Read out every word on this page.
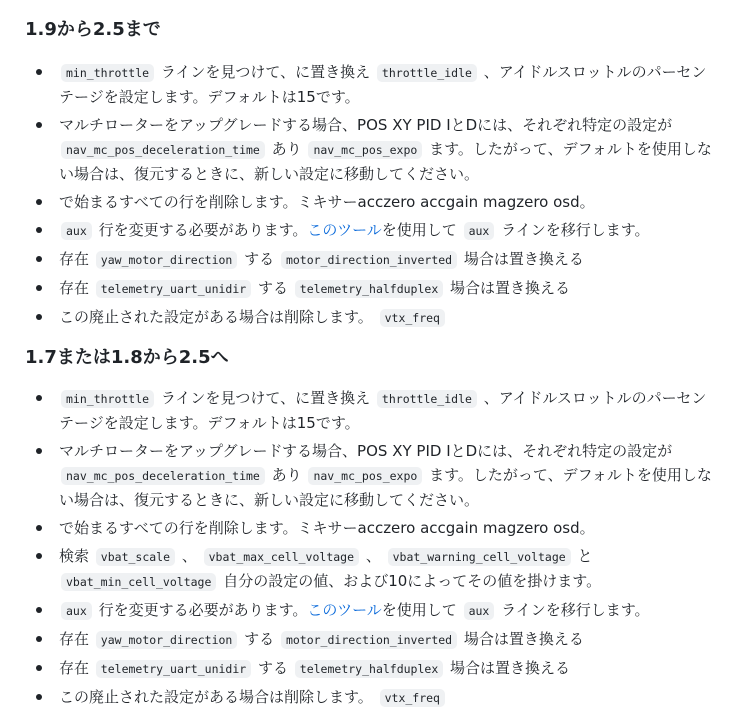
1.9から2.5まで
min_throttle ラインを見つけて、に置き換え throttle_idle 、アイドルスロットルのパーセンテージを設定します。デフォルトは15です。
マルチローターをアップグレードする場合、POS XY PID IとDには、それぞれ特定の設定が nav_mc_pos_deceleration_time あり nav_mc_pos_expo ます。したがって、デフォルトを使用しない場合は、復元するときに、新しい設定に移動してください。
で始まるすべての行を削除します。ミキサーacczero accgain magzero osd。
aux 行を変更する必要があります。このツールを使用して aux ラインを移行します。
存在 yaw_motor_direction する motor_direction_inverted 場合は置き換える
存在 telemetry_uart_unidir する telemetry_halfduplex 場合は置き換える
この廃止された設定がある場合は削除します。 vtx_freq
1.7または1.8から2.5へ
min_throttle ラインを見つけて、に置き換え throttle_idle 、アイドルスロットルのパーセンテージを設定します。デフォルトは15です。
マルチローターをアップグレードする場合、POS XY PID IとDには、それぞれ特定の設定が nav_mc_pos_deceleration_time あり nav_mc_pos_expo ます。したがって、デフォルトを使用しない場合は、復元するときに、新しい設定に移動してください。
で始まるすべての行を削除します。ミキサーacczero accgain magzero osd。
検索 vbat_scale 、 vbat_max_cell_voltage 、 vbat_warning_cell_voltage と vbat_min_cell_voltage 自分の設定の値、および10によってその値を掛けます。
aux 行を変更する必要があります。このツールを使用して aux ラインを移行します。
存在 yaw_motor_direction する motor_direction_inverted 場合は置き換える
存在 telemetry_uart_unidir する telemetry_halfduplex 場合は置き換える
この廃止された設定がある場合は削除します。 vtx_freq
